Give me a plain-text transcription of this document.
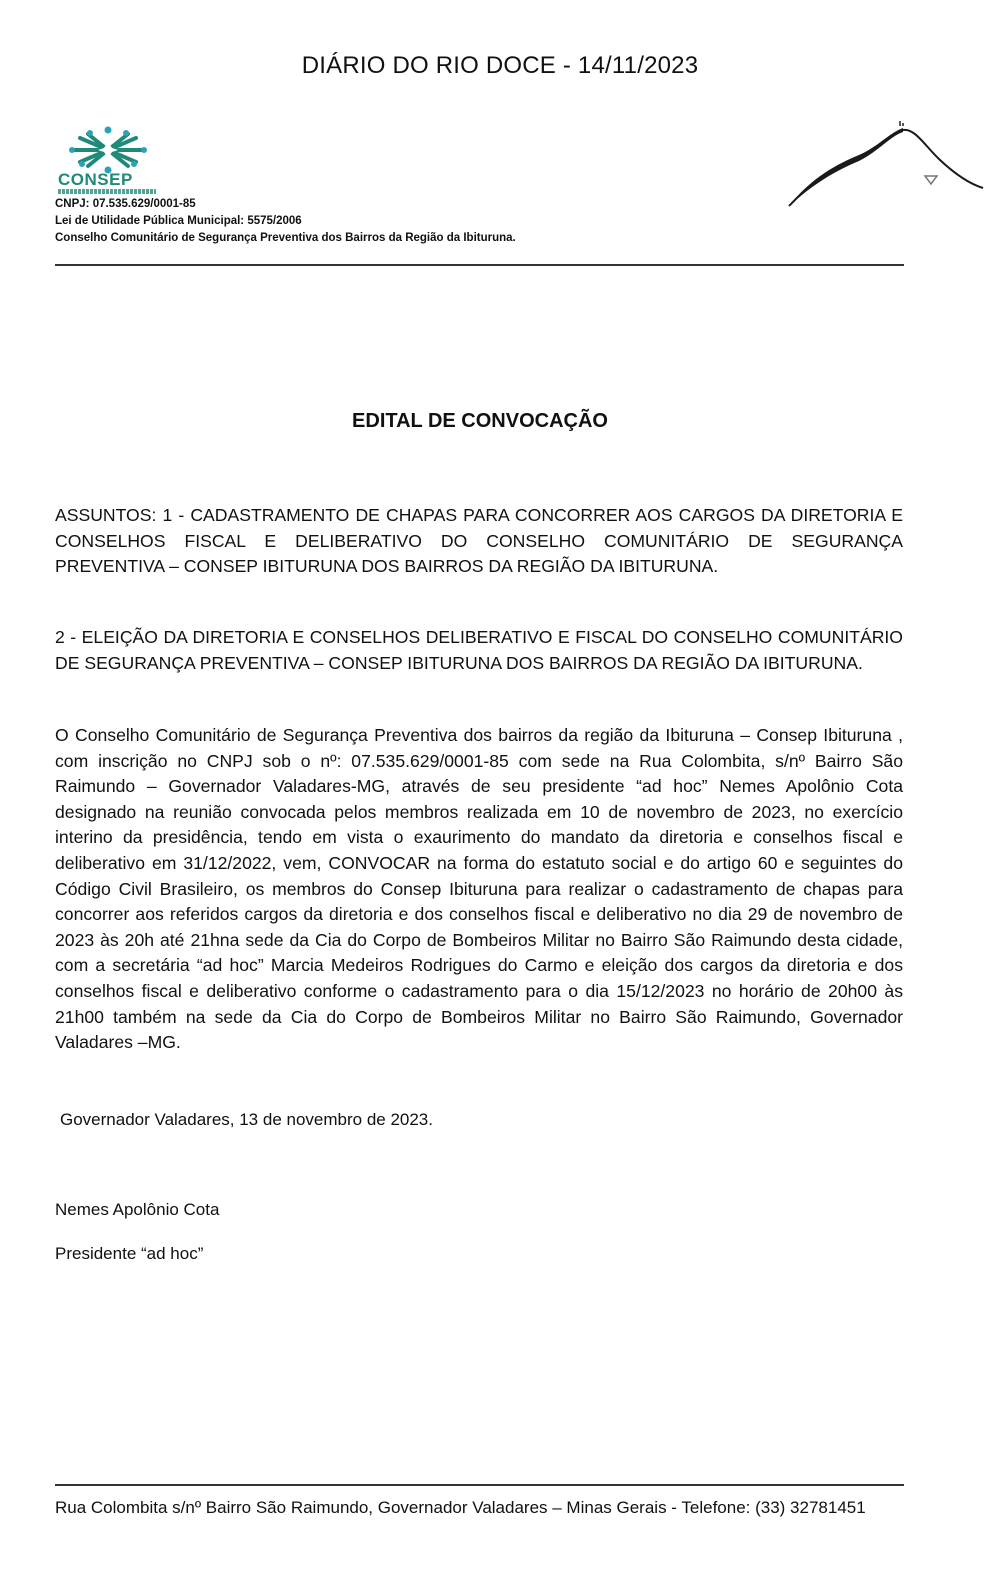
DIÁRIO DO RIO DOCE - 14/11/2023
CONSEP
CNPJ: 07.535.629/0001-85
Lei de Utilidade Pública Municipal: 5575/2006
Conselho Comunitário de Segurança Preventiva dos Bairros da Região da Ibituruna.
EDITAL DE CONVOCAÇÃO
ASSUNTOS: 1 - CADASTRAMENTO DE CHAPAS PARA CONCORRER AOS CARGOS DA DIRETORIA E CONSELHOS FISCAL E DELIBERATIVO DO CONSELHO COMUNITÁRIO DE SEGURANÇA PREVENTIVA – CONSEP IBITURUNA DOS BAIRROS DA REGIÃO DA IBITURUNA.
2 - ELEIÇÃO DA DIRETORIA E CONSELHOS DELIBERATIVO E FISCAL DO CONSELHO COMUNITÁRIO DE SEGURANÇA PREVENTIVA – CONSEP IBITURUNA DOS BAIRROS DA REGIÃO DA IBITURUNA.
O Conselho Comunitário de Segurança Preventiva dos bairros da região da Ibituruna – Consep Ibituruna , com inscrição no CNPJ sob o nº: 07.535.629/0001-85 com sede na Rua Colombita, s/nº Bairro São Raimundo – Governador Valadares-MG, através de seu presidente “ad hoc” Nemes Apolônio Cota designado na reunião convocada pelos membros realizada em 10 de novembro de 2023, no exercício interino da presidência, tendo em vista o exaurimento do mandato da diretoria e conselhos fiscal e deliberativo em 31/12/2022, vem, CONVOCAR na forma do estatuto social e do artigo 60 e seguintes do Código Civil Brasileiro, os membros do Consep Ibituruna para realizar o cadastramento de chapas para concorrer aos referidos cargos da diretoria e dos conselhos fiscal e deliberativo no dia 29 de novembro de 2023 às 20h até 21hna sede da Cia do Corpo de Bombeiros Militar no Bairro São Raimundo desta cidade, com a secretária “ad hoc” Marcia Medeiros Rodrigues do Carmo e eleição dos cargos da diretoria e dos conselhos fiscal e deliberativo conforme o cadastramento para o dia 15/12/2023 no horário de 20h00 às 21h00 também na sede da Cia do Corpo de Bombeiros Militar no Bairro São Raimundo, Governador Valadares –MG.
Governador Valadares, 13 de novembro de 2023.
Nemes Apolônio Cota
Presidente “ad hoc”
Rua Colombita s/nº Bairro São Raimundo, Governador Valadares – Minas Gerais - Telefone: (33) 32781451
